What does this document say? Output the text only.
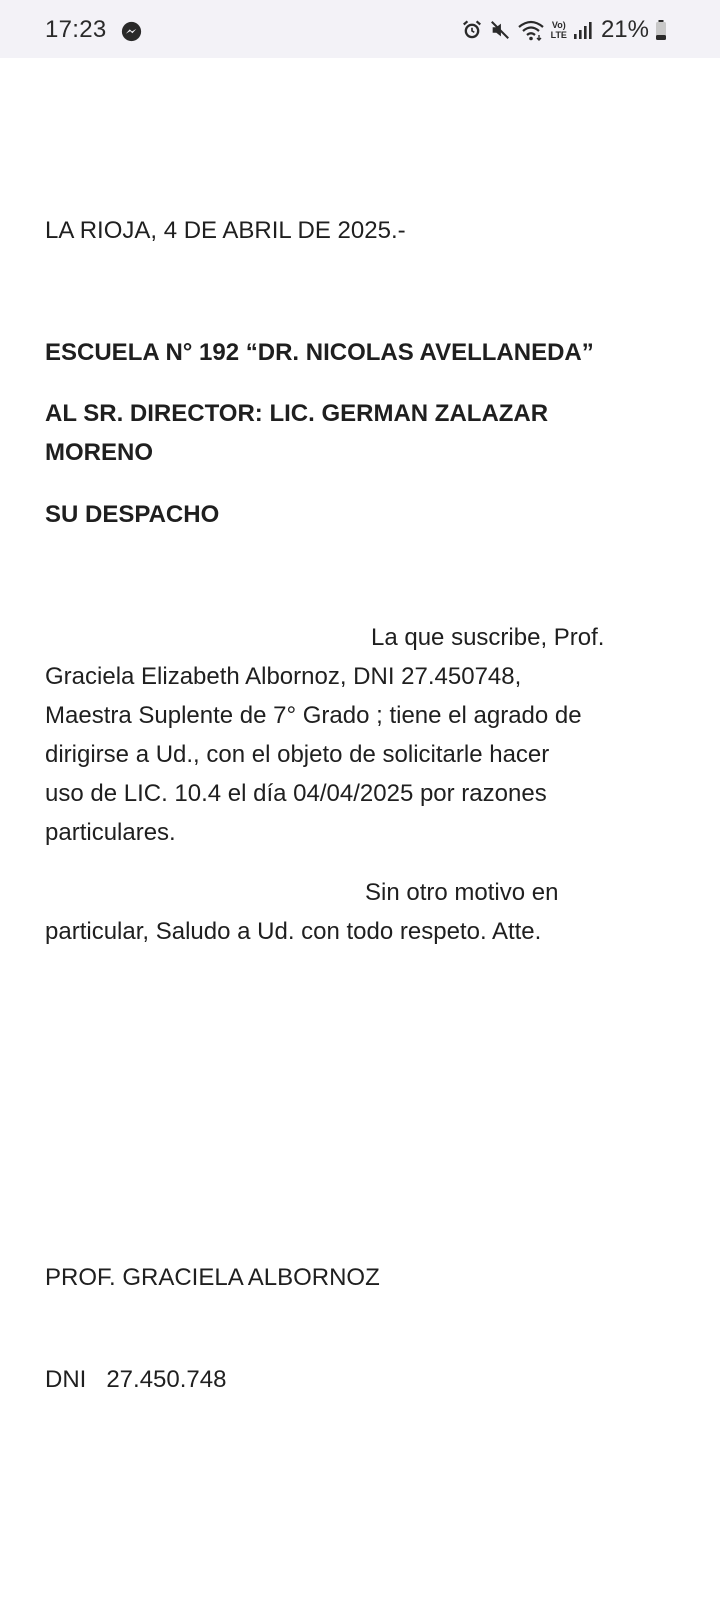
17:23	Vo)
LTE 21%
LA RIOJA, 4 DE ABRIL DE 2025.-
ESCUELA N° 192 “DR. NICOLAS AVELLANEDA”
AL SR. DIRECTOR: LIC. GERMAN ZALAZAR
MORENO
SU DESPACHO
La que suscribe, Prof.
Graciela Elizabeth Albornoz, DNI 27.450748,
Maestra Suplente de 7° Grado ; tiene el agrado de
dirigirse a Ud., con el objeto de solicitarle hacer
uso de LIC. 10.4 el día 04/04/2025 por razones
particulares.
Sin otro motivo en
particular, Saludo a Ud. con todo respeto. Atte.
PROF. GRACIELA ALBORNOZ
DNI   27.450.748
